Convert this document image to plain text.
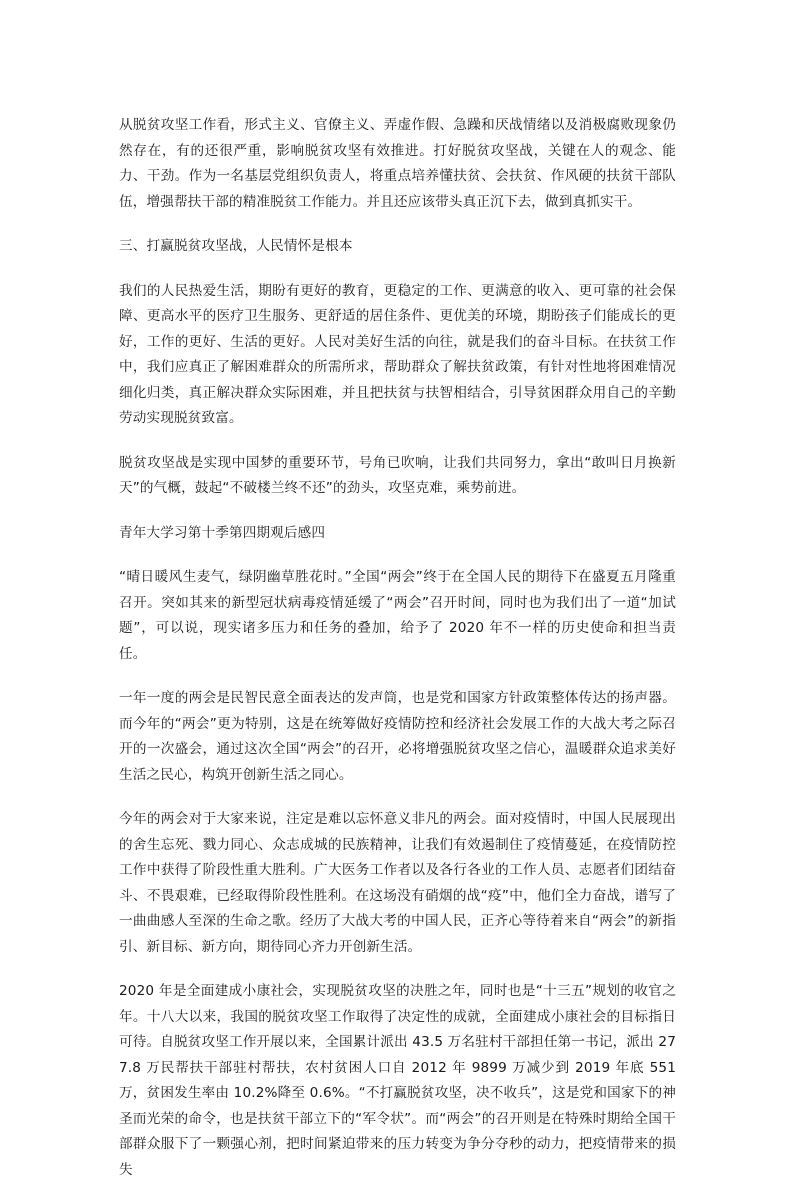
从脱贫攻坚工作看，形式主义、官僚主义、弄虚作假、急躁和厌战情绪以及消极腐败现象仍然存在，有的还很严重，影响脱贫攻坚有效推进。打好脱贫攻坚战，关键在人的观念、能力、干劲。作为一名基层党组织负责人，将重点培养懂扶贫、会扶贫、作风硬的扶贫干部队伍，增强帮扶干部的精准脱贫工作能力。并且还应该带头真正沉下去，做到真抓实干。

三、打赢脱贫攻坚战，人民情怀是根本

我们的人民热爱生活，期盼有更好的教育，更稳定的工作、更满意的收入、更可靠的社会保障、更高水平的医疗卫生服务、更舒适的居住条件、更优美的环境，期盼孩子们能成长的更好，工作的更好、生活的更好。人民对美好生活的向往，就是我们的奋斗目标。在扶贫工作中，我们应真正了解困难群众的所需所求，帮助群众了解扶贫政策，有针对性地将困难情况细化归类，真正解决群众实际困难，并且把扶贫与扶智相结合，引导贫困群众用自己的辛勤劳动实现脱贫致富。

脱贫攻坚战是实现中国梦的重要环节，号角已吹响，让我们共同努力，拿出“敢叫日月换新天”的气概，鼓起“不破楼兰终不还”的劲头，攻坚克难，乘势前进。

青年大学习第十季第四期观后感四

“晴日暖风生麦气，绿阴幽草胜花时。”全国“两会”终于在全国人民的期待下在盛夏五月隆重召开。突如其来的新型冠状病毒疫情延缓了“两会”召开时间，同时也为我们出了一道“加试题”，可以说，现实诸多压力和任务的叠加，给予了 2020 年不一样的历史使命和担当责任。

一年一度的两会是民智民意全面表达的发声筒，也是党和国家方针政策整体传达的扬声器。而今年的“两会”更为特别，这是在统筹做好疫情防控和经济社会发展工作的大战大考之际召开的一次盛会，通过这次全国“两会”的召开，必将增强脱贫攻坚之信心，温暖群众追求美好生活之民心，构筑开创新生活之同心。

今年的两会对于大家来说，注定是难以忘怀意义非凡的两会。面对疫情时，中国人民展现出的舍生忘死、戮力同心、众志成城的民族精神，让我们有效遏制住了疫情蔓延，在疫情防控工作中获得了阶段性重大胜利。广大医务工作者以及各行各业的工作人员、志愿者们团结奋斗、不畏艰难，已经取得阶段性胜利。在这场没有硝烟的战“疫”中，他们全力奋战，谱写了一曲曲感人至深的生命之歌。经历了大战大考的中国人民，正齐心等待着来自“两会”的新指引、新目标、新方向，期待同心齐力开创新生活。

2020 年是全面建成小康社会，实现脱贫攻坚的决胜之年，同时也是“十三五”规划的收官之年。十八大以来，我国的脱贫攻坚工作取得了决定性的成就，全面建成小康社会的目标指日可待。自脱贫攻坚工作开展以来，全国累计派出 43.5 万名驻村干部担任第一书记，派出 277.8 万民帮扶干部驻村帮扶，农村贫困人口自 2012 年 9899 万减少到 2019 年底 551 万，贫困发生率由 10.2%降至 0.6%。“不打赢脱贫攻坚，决不收兵”，这是党和国家下的神圣而光荣的命令，也是扶贫干部立下的“军令状”。而“两会”的召开则是在特殊时期给全国干部群众服下了一颗强心剂，把时间紧迫带来的压力转变为争分夺秒的动力，把疫情带来的损失
